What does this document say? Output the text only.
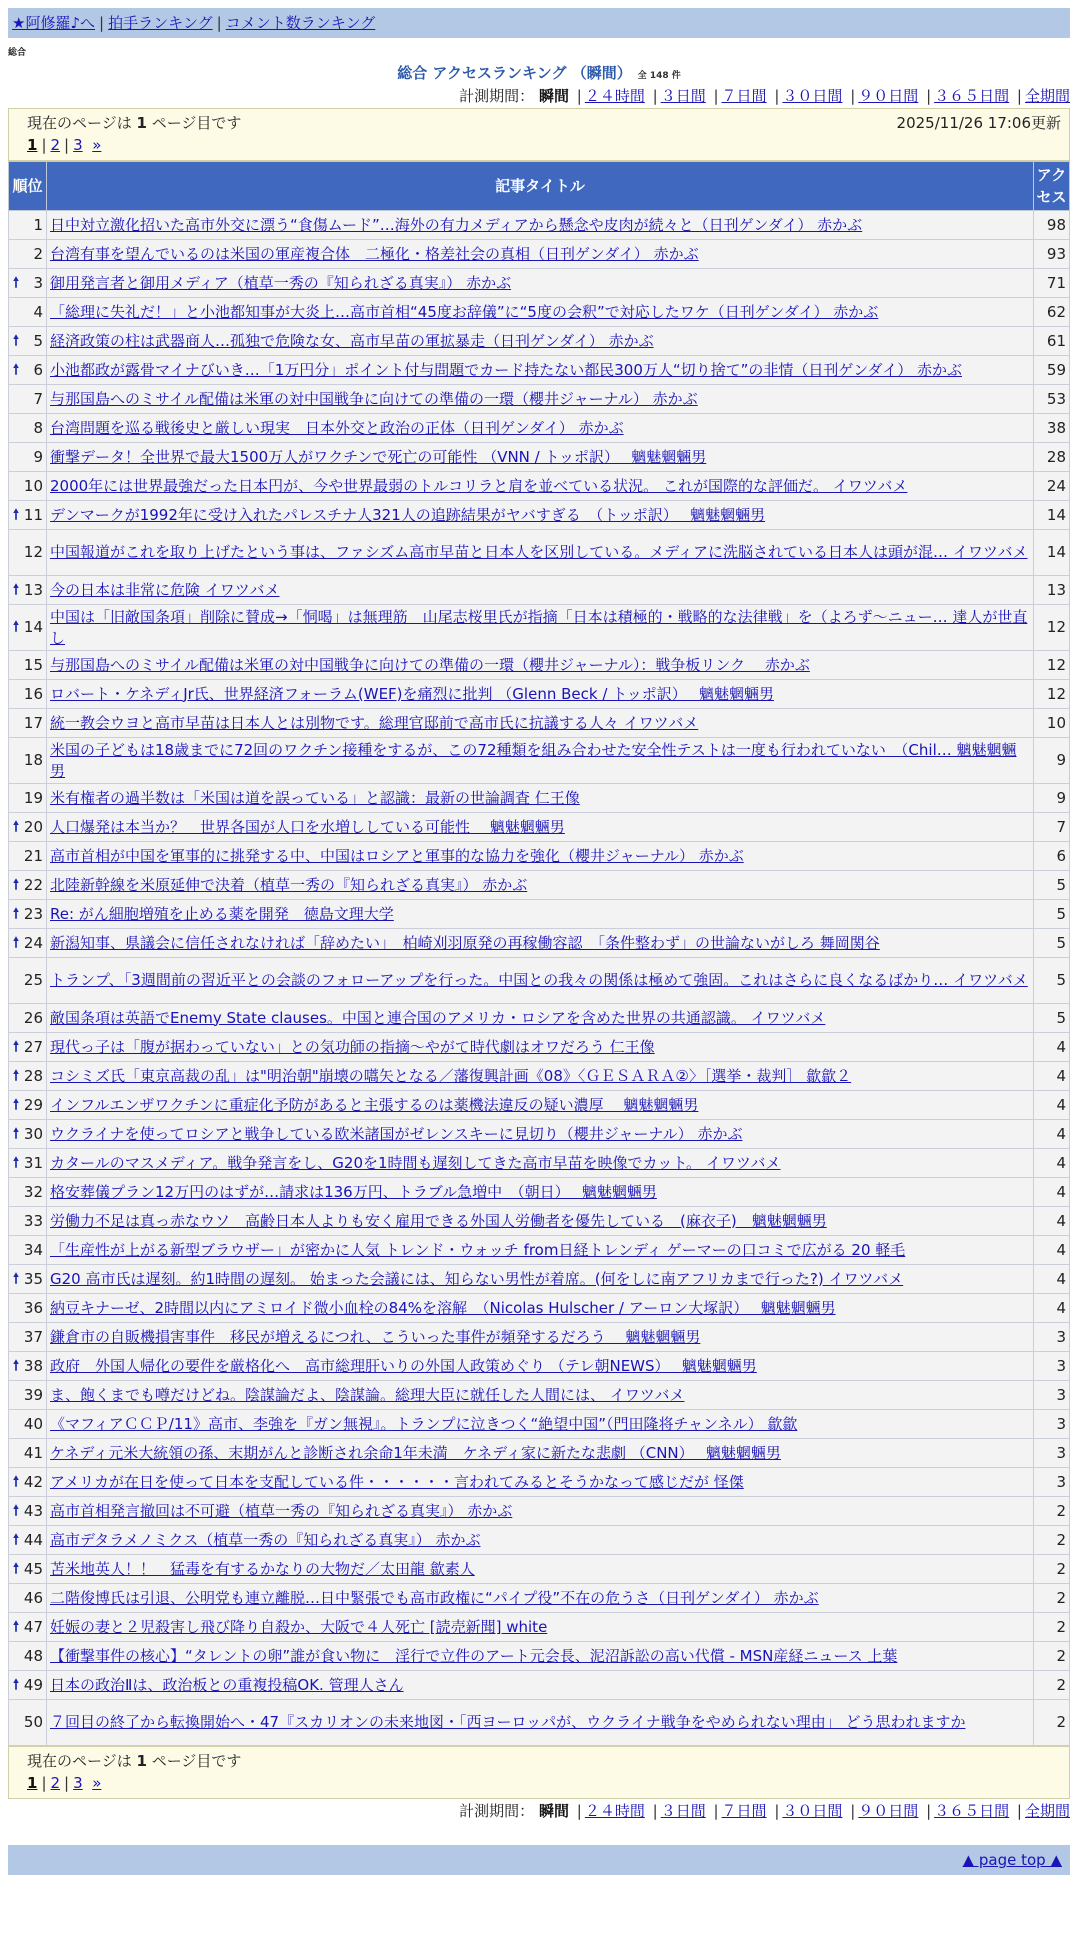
★阿修羅♪へ | 拍手ランキング | コメント数ランキング
総合
総合 アクセスランキング （瞬間） 全 148 件
計測期間： 瞬間 | ２４時間 | ３日間 | ７日間 | ３０日間 | ９０日間 | ３６５日間 | 全期間
現在のページは 1 ページ目です	2025/11/26 17:06更新
1 | 2 | 3 »
順位	記事タイトル	アクセス
1	日中対立激化招いた高市外交に漂う“食傷ムード”…海外の有力メディアから懸念や皮肉が続々と（日刊ゲンダイ） 赤かぶ	98
2	台湾有事を望んでいるのは米国の軍産複合体　二極化・格差社会の真相（日刊ゲンダイ） 赤かぶ	93

🠕 3	御用発言者と御用メディア（植草一秀の『知られざる真実』） 赤かぶ	71
4	「総理に失礼だ！」と小池都知事が大炎上…高市首相“45度お辞儀”に“5度の会釈”で対応したワケ（日刊ゲンダイ） 赤かぶ	62

🠕 5	経済政策の柱は武器商人…孤独で危険な女、高市早苗の軍拡暴走（日刊ゲンダイ） 赤かぶ	61

🠕 6	小池都政が露骨マイナびいき…「1万円分」ポイント付与問題でカード持たない都民300万人“切り捨て”の非情（日刊ゲンダイ） 赤かぶ	59
7	与那国島へのミサイル配備は米軍の対中国戦争に向けての準備の一環（櫻井ジャーナル） 赤かぶ	53
8	台湾問題を巡る戦後史と厳しい現実　日本外交と政治の正体（日刊ゲンダイ） 赤かぶ	38
9	衝撃データ！全世界で最大1500万人がワクチンで死亡の可能性 （VNN / トッポ訳）　 魑魅魍魎男	28
10	2000年には世界最強だった日本円が、今や世界最弱のトルコリラと肩を並べている状況。 これが国際的な評価だ。 イワツバメ	24

🠕 11	デンマークが1992年に受け入れたパレスチナ人321人の追跡結果がヤバすぎる　（トッポ訳）　 魑魅魍魎男	14
12	中国報道がこれを取り上げたという事は、ファシズム高市早苗と日本人を区別している。メディアに洗脳されている日本人は頭が混… イワツバメ	14

🠕 13	今の日本は非常に危険 イワツバメ	13

🠕 14	中国は「旧敵国条項」削除に賛成→「恫喝」は無理筋　山尾志桜里氏が指摘「日本は積極的・戦略的な法律戦」を（よろず～ニュー… 達人が世直し	12
15	与那国島へのミサイル配備は米軍の対中国戦争に向けての準備の一環（櫻井ジャーナル）：戦争板リンク　 赤かぶ	12
16	ロバート・ケネディJr氏、世界経済フォーラム(WEF)を痛烈に批判 （Glenn Beck / トッポ訳）　 魑魅魍魎男	12
17	統一教会ウヨと高市早苗は日本人とは別物です。総理官邸前で高市氏に抗議する人々 イワツバメ	10
18	米国の子どもは18歳までに72回のワクチン接種をするが、この72種類を組み合わせた安全性テストは一度も行われていない　（Chil… 魑魅魍魎男	9
19	米有権者の過半数は「米国は道を誤っている」と認識：最新の世論調査 仁王像	9

🠕 20	人口爆発は本当か？　世界各国が人口を水増ししている可能性　 魑魅魍魎男	7
21	高市首相が中国を軍事的に挑発する中、中国はロシアと軍事的な協力を強化（櫻井ジャーナル） 赤かぶ	6

🠕 22	北陸新幹線を米原延伸で決着（植草一秀の『知られざる真実』） 赤かぶ	5

🠕 23	Re: がん細胞増殖を止める薬を開発　徳島文理大学	5

🠕 24	新潟知事、県議会に信任されなければ「辞めたい」　柏崎刈羽原発の再稼働容認　「条件整わず」の世論ないがしろ 舞岡関谷	5
25	トランプ、「3週間前の習近平との会談のフォローアップを行った。中国との我々の関係は極めて強固。これはさらに良くなるばかり… イワツバメ	5
26	敵国条項は英語でEnemy State clauses。中国と連合国のアメリカ・ロシアを含めた世界の共通認識。 イワツバメ	5

🠕 27	現代っ子は「腹が据わっていない」との気功師の指摘～やがて時代劇はオワだろう 仁王像	4

🠕 28	コシミズ氏「東京高裁の乱」は"明治朝"崩壊の嚆矢となる／藩復興計画《08》〈ＧＥＳＡＲＡ②〉［選挙・裁判］ 歙歙２	4

🠕 29	インフルエンザワクチンに重症化予防があると主張するのは薬機法違反の疑い濃厚　 魑魅魍魎男	4

🠕 30	ウクライナを使ってロシアと戦争している欧米諸国がゼレンスキーに見切り（櫻井ジャーナル） 赤かぶ	4

🠕 31	カタールのマスメディア。戦争発言をし、G20を1時間も遅刻してきた高市早苗を映像でカット。 イワツバメ	4
32	格安葬儀プラン12万円のはずが…請求は136万円、トラブル急増中　（朝日）　 魑魅魍魎男	4
33	労働力不足は真っ赤なウソ　高齢日本人よりも安く雇用できる外国人労働者を優先している　(麻衣子)　魑魅魍魎男	4
34	「生産性が上がる新型ブラウザー」が密かに人気 トレンド・ウォッチ from日経トレンディ ゲーマーの口コミで広がる 20 軽毛	4

🠕 35	G20 高市氏は遅刻。約1時間の遅刻。 始まった会議には、知らない男性が着席。(何をしに南アフリカまで行った?) イワツバメ	4
36	納豆キナーゼ、2時間以内にアミロイド微小血栓の84%を溶解　（Nicolas Hulscher / アーロン大塚訳）　 魑魅魍魎男	4
37	鎌倉市の自販機損害事件　移民が増えるにつれ、こういった事件が頻発するだろう　 魑魅魍魎男	3

🠕 38	政府　外国人帰化の要件を厳格化へ　高市総理肝いりの外国人政策めぐり （テレ朝NEWS）　 魑魅魍魎男	3
39	ま、飽くまでも噂だけどね。陰謀論だよ、陰謀論。総理大臣に就任した人間には、 イワツバメ	3
40	《マフィアＣＣＰ/11》高市、李強を『ガン無視』。トランプに泣きつく“絶望中国”（門田隆将チャンネル） 歙歙	3
41	ケネディ元米大統領の孫、末期がんと診断され余命1年未満　ケネディ家に新たな悲劇 （CNN）　 魑魅魍魎男	3

🠕 42	アメリカが在日を使って日本を支配している件・・・・・・言われてみるとそうかなって感じだが 怪傑	3

🠕 43	高市首相発言撤回は不可避（植草一秀の『知られざる真実』） 赤かぶ	2

🠕 44	高市デタラメノミクス（植草一秀の『知られざる真実』） 赤かぶ	2

🠕 45	苫米地英人！！　猛毒を有するかなりの大物だ／太田龍 歙素人	2
46	二階俊博氏は引退、公明党も連立離脱…日中緊張でも高市政権に“パイプ役”不在の危うさ（日刊ゲンダイ） 赤かぶ	2

🠕 47	妊娠の妻と２児殺害し飛び降り自殺か、大阪で４人死亡 [読売新聞] white	2
48	【衝撃事件の核心】“タレントの卵”誰が食い物に　淫行で立件のアート元会長、泥沼訴訟の高い代償 - MSN産経ニュース 上葉	2

🠕 49	日本の政治Ⅱは、政治板との重複投稿OK. 管理人さん	2
50	７回目の終了から転換開始へ・47『スカリオンの未来地図・「西ヨーロッパが、ウクライナ戦争をやめられない理由」 どう思われますか	2
現在のページは 1 ページ目です
1 | 2 | 3 »
計測期間： 瞬間 | ２４時間 | ３日間 | ７日間 | ３０日間 | ９０日間 | ３６５日間 | 全期間
▲ page top ▲
